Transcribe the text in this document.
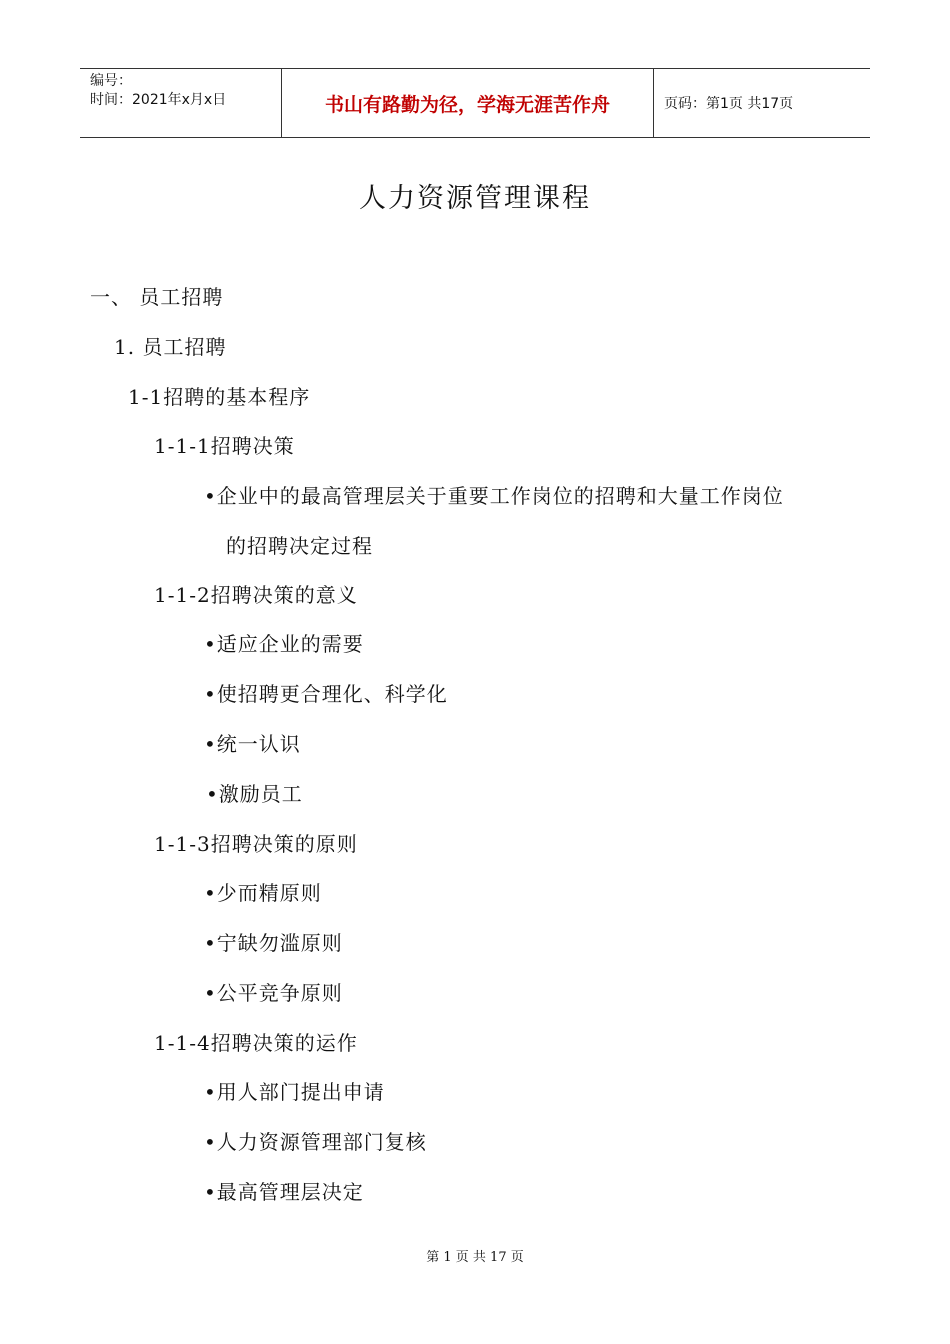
编号：
时间：2021年x月x日	书山有路勤为径，学海无涯苦作舟	页码：第1页 共17页
人力资源管理课程
一、 员工招聘
1. 员工招聘
1-1招聘的基本程序
1-1-1招聘决策
•企业中的最高管理层关于重要工作岗位的招聘和大量工作岗位
的招聘决定过程
1-1-2招聘决策的意义
•适应企业的需要
•使招聘更合理化、科学化
•统一认识
•激励员工
1-1-3招聘决策的原则
•少而精原则
•宁缺勿滥原则
•公平竞争原则
1-1-4招聘决策的运作
•用人部门提出申请
•人力资源管理部门复核
•最高管理层决定
第 1 页 共 17 页
